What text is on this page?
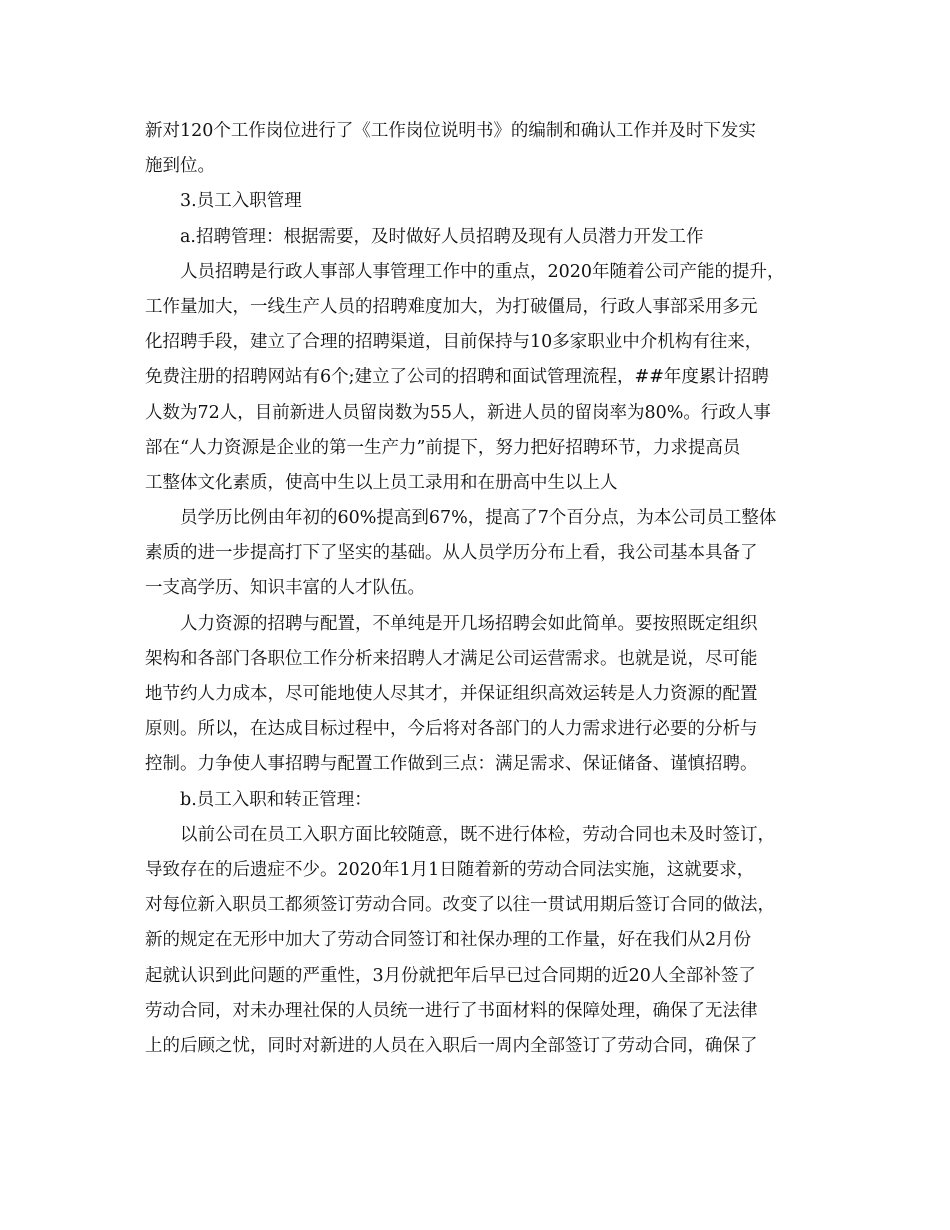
新对120个工作岗位进行了《工作岗位说明书》的编制和确认工作并及时下发实
施到位。
3.员工入职管理
a.招聘管理：根据需要，及时做好人员招聘及现有人员潜力开发工作
人员招聘是行政人事部人事管理工作中的重点，2020年随着公司产能的提升，
工作量加大，一线生产人员的招聘难度加大，为打破僵局，行政人事部采用多元
化招聘手段，建立了合理的招聘渠道，目前保持与10多家职业中介机构有往来，
免费注册的招聘网站有6个;建立了公司的招聘和面试管理流程，##年度累计招聘
人数为72人，目前新进人员留岗数为55人，新进人员的留岗率为80%。行政人事
部在“人力资源是企业的第一生产力”前提下，努力把好招聘环节，力求提高员
工整体文化素质，使高中生以上员工录用和在册高中生以上人
员学历比例由年初的60%提高到67%，提高了7个百分点，为本公司员工整体
素质的进一步提高打下了坚实的基础。从人员学历分布上看，我公司基本具备了
一支高学历、知识丰富的人才队伍。
人力资源的招聘与配置，不单纯是开几场招聘会如此简单。要按照既定组织
架构和各部门各职位工作分析来招聘人才满足公司运营需求。也就是说，尽可能
地节约人力成本，尽可能地使人尽其才，并保证组织高效运转是人力资源的配置
原则。所以，在达成目标过程中，今后将对各部门的人力需求进行必要的分析与
控制。力争使人事招聘与配置工作做到三点：满足需求、保证储备、谨慎招聘。
b.员工入职和转正管理：
以前公司在员工入职方面比较随意，既不进行体检，劳动合同也未及时签订，
导致存在的后遗症不少。2020年1月1日随着新的劳动合同法实施，这就要求，
对每位新入职员工都须签订劳动合同。改变了以往一贯试用期后签订合同的做法，
新的规定在无形中加大了劳动合同签订和社保办理的工作量，好在我们从2月份
起就认识到此问题的严重性，3月份就把年后早已过合同期的近20人全部补签了
劳动合同，对未办理社保的人员统一进行了书面材料的保障处理，确保了无法律
上的后顾之忧，同时对新进的人员在入职后一周内全部签订了劳动合同，确保了
